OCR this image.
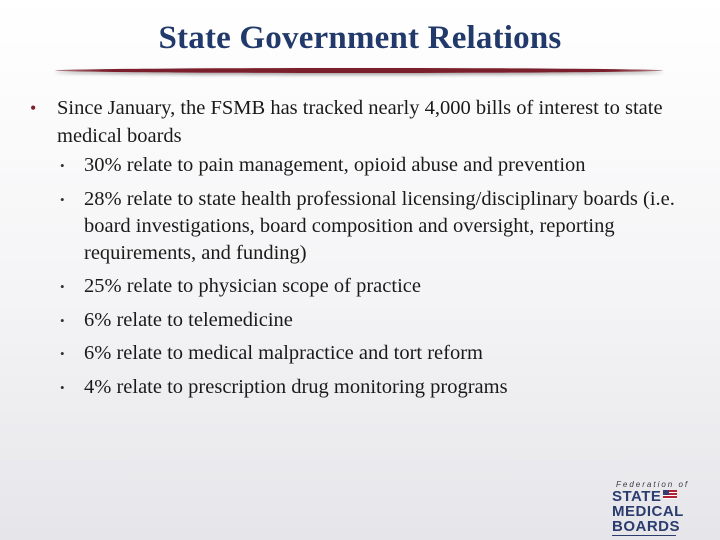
State Government Relations
• Since January, the FSMB has tracked nearly 4,000 bills of interest to state medical boards
• 30% relate to pain management, opioid abuse and prevention
• 28% relate to state health professional licensing/disciplinary boards (i.e. board investigations, board composition and oversight, reporting requirements, and funding)
• 25% relate to physician scope of practice
• 6% relate to telemedicine
• 6% relate to medical malpractice and tort reform
• 4% relate to prescription drug monitoring programs
Federation of
STATE
MEDICAL
BOARDS
